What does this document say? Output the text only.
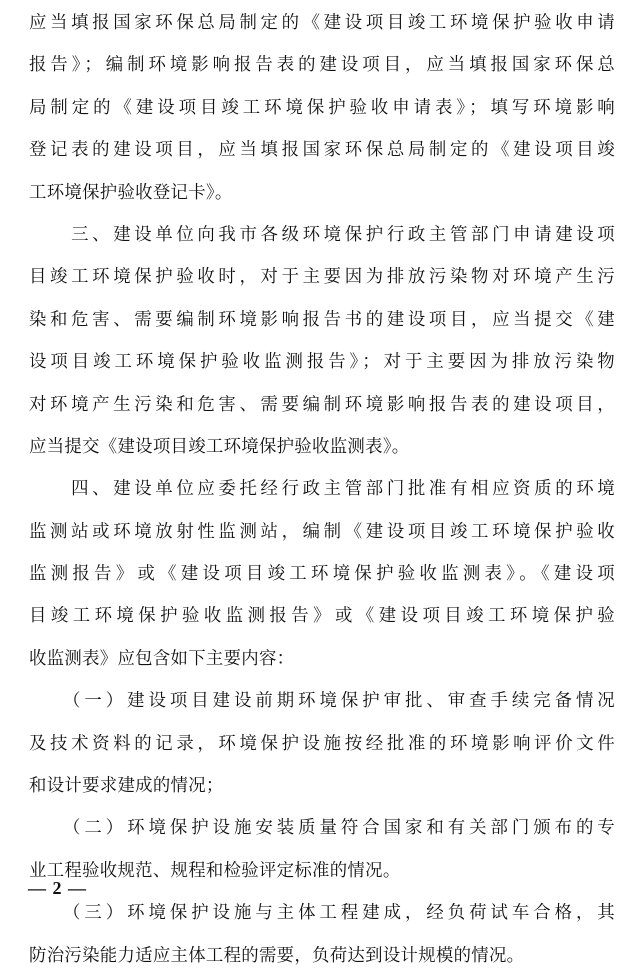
应当填报国家环保总局制定的《建设项目竣工环境保护验收申请
报告》；编制环境影响报告表的建设项目，应当填报国家环保总
局制定的《建设项目竣工环境保护验收申请表》；填写环境影响
登记表的建设项目，应当填报国家环保总局制定的《建设项目竣
工环境保护验收登记卡》。
　　三、建设单位向我市各级环境保护行政主管部门申请建设项
目竣工环境保护验收时，对于主要因为排放污染物对环境产生污
染和危害、需要编制环境影响报告书的建设项目，应当提交《建
设项目竣工环境保护验收监测报告》；对于主要因为排放污染物
对环境产生污染和危害、需要编制环境影响报告表的建设项目，
应当提交《建设项目竣工环境保护验收监测表》。
　　四、建设单位应委托经行政主管部门批准有相应资质的环境
监测站或环境放射性监测站，编制《建设项目竣工环境保护验收
监测报告》或《建设项目竣工环境保护验收监测表》。《建设项
目竣工环境保护验收监测报告》或《建设项目竣工环境保护验
收监测表》应包含如下主要内容：
　　（一）建设项目建设前期环境保护审批、审查手续完备情况
及技术资料的记录，环境保护设施按经批准的环境影响评价文件
和设计要求建成的情况；
　　（二）环境保护设施安装质量符合国家和有关部门颁布的专
业工程验收规范、规程和检验评定标准的情况。
　　（三）环境保护设施与主体工程建成，经负荷试车合格，其
防治污染能力适应主体工程的需要，负荷达到设计规模的情况。
— 2 —
